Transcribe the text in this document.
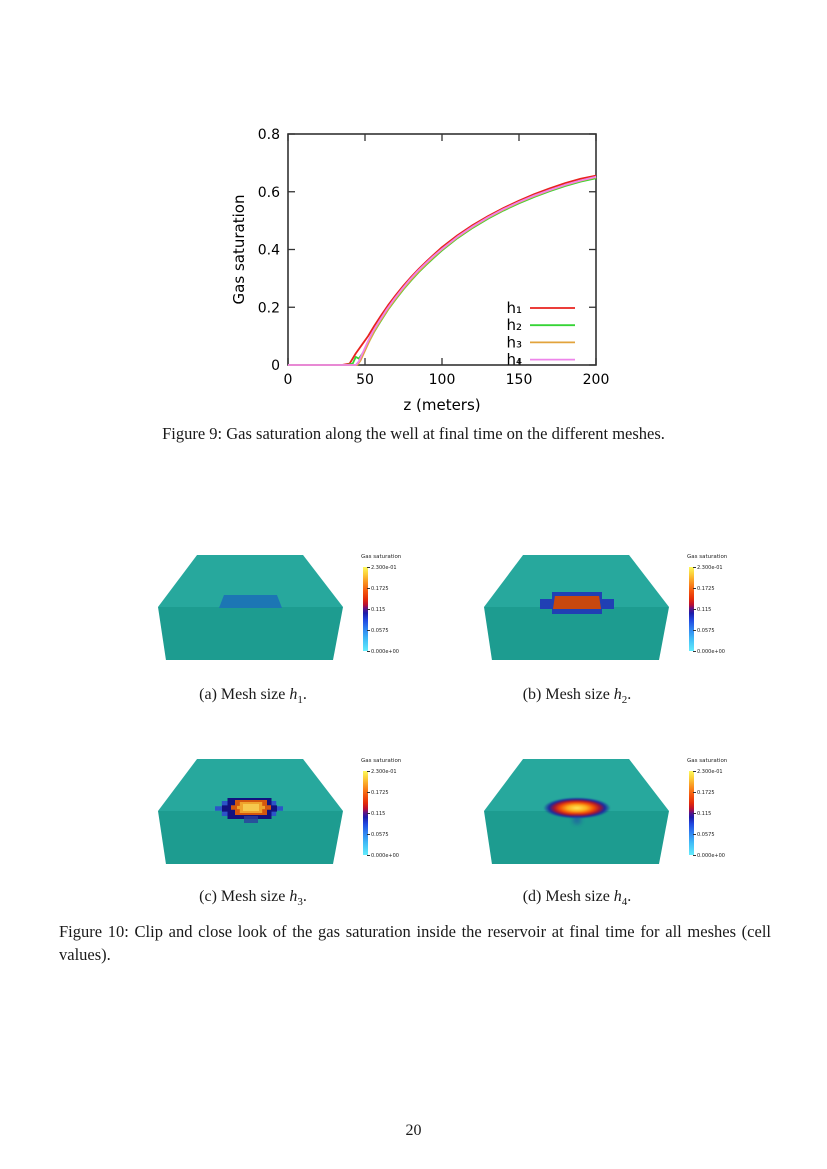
0	50	100	150	200
0
0.2
0.4
0.6
0.8
z (meters)
Gas saturation
h₁
h₂
h₃
h₄
Figure 9: Gas saturation along the well at final time on the different meshes.
Gas saturation
2.300e-01
0.1725
0.115
0.0575
0.000e+00
Gas saturation
2.300e-01
0.1725
0.115
0.0575
0.000e+00
Gas saturation
2.300e-01
0.1725
0.115
0.0575
0.000e+00
Gas saturation
2.300e-01
0.1725
0.115
0.0575
0.000e+00
(a) Mesh size $h_1$.	(b) Mesh size $h_2$.
(c) Mesh size $h_3$.	(d) Mesh size $h_4$.
Figure 10: Clip and close look of the gas saturation inside the reservoir at final time for all meshes (cell values).
20
